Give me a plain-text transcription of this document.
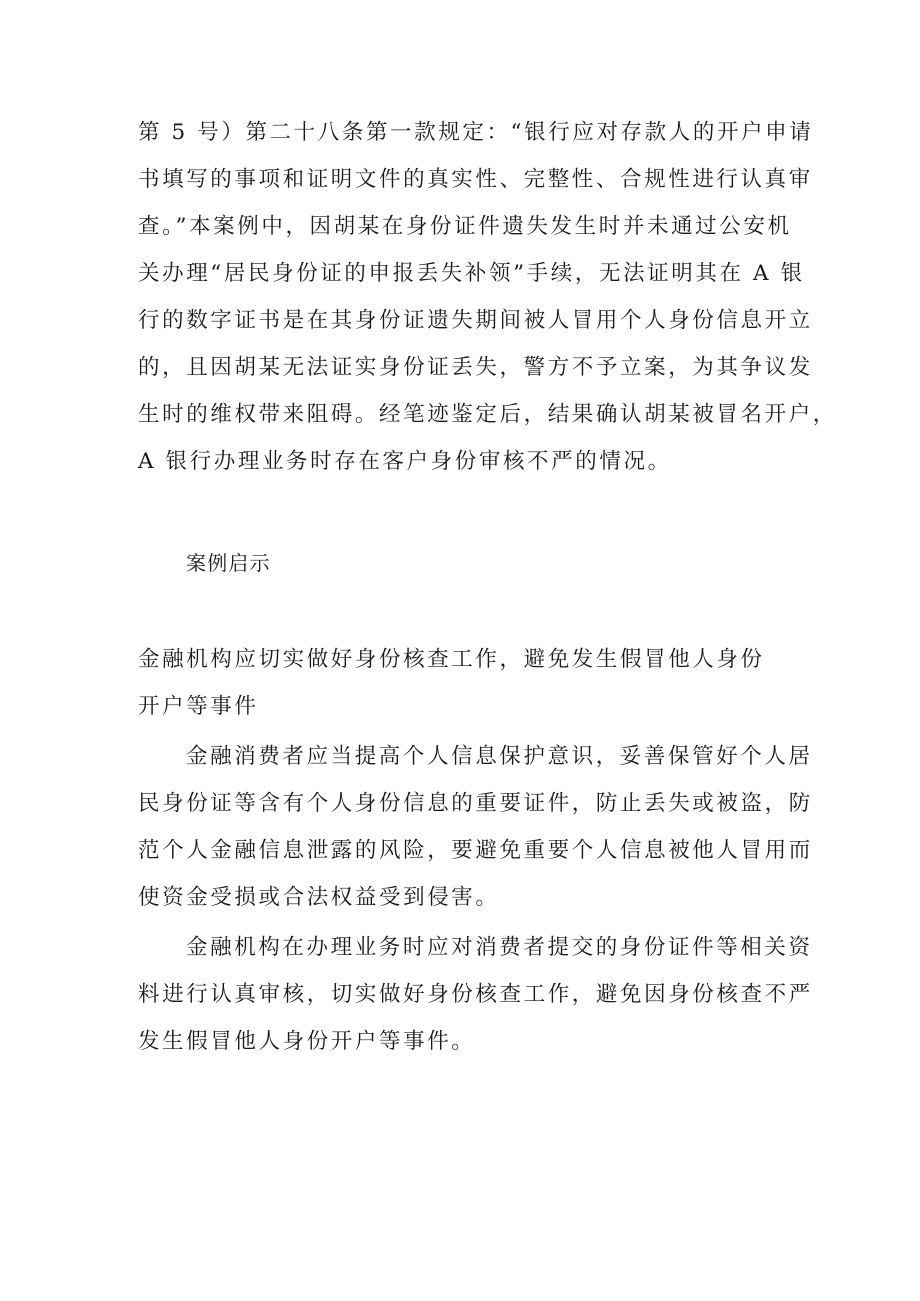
第 5 号）第二十八条第一款规定：“银行应对存款人的开户申请
书填写的事项和证明文件的真实性、完整性、合规性进行认真审
查。”本案例中，因胡某在身份证件遗失发生时并未通过公安机
关办理“居民身份证的申报丢失补领”手续，无法证明其在 A 银
行的数字证书是在其身份证遗失期间被人冒用个人身份信息开立
的，且因胡某无法证实身份证丢失，警方不予立案，为其争议发
生时的维权带来阻碍。经笔迹鉴定后，结果确认胡某被冒名开户，
A 银行办理业务时存在客户身份审核不严的情况。
案例启示
金融机构应切实做好身份核查工作，避免发生假冒他人身份
开户等事件
金融消费者应当提高个人信息保护意识，妥善保管好个人居
民身份证等含有个人身份信息的重要证件，防止丢失或被盗，防
范个人金融信息泄露的风险，要避免重要个人信息被他人冒用而
使资金受损或合法权益受到侵害。
金融机构在办理业务时应对消费者提交的身份证件等相关资
料进行认真审核，切实做好身份核查工作，避免因身份核查不严
发生假冒他人身份开户等事件。
